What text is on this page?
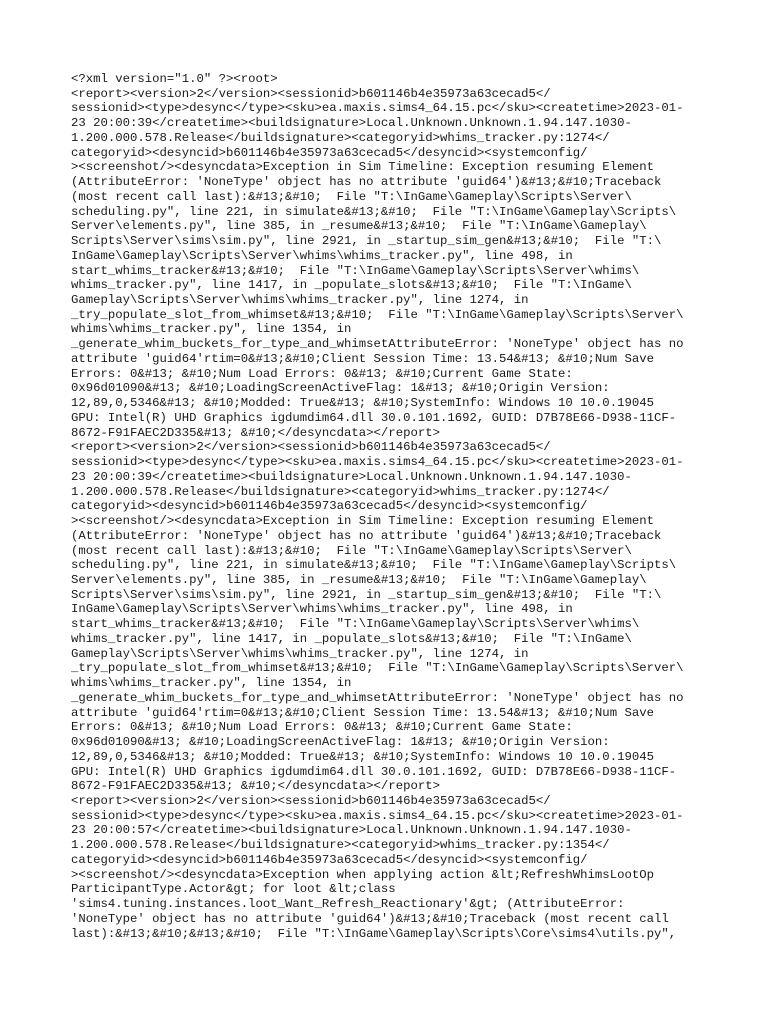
<?xml version="1.0" ?><root>
<report><version>2</version><sessionid>b601146b4e35973a63cecad5</
sessionid><type>desync</type><sku>ea.maxis.sims4_64.15.pc</sku><createtime>2023-01-
23 20:00:39</createtime><buildsignature>Local.Unknown.Unknown.1.94.147.1030-
1.200.000.578.Release</buildsignature><categoryid>whims_tracker.py:1274</
categoryid><desyncid>b601146b4e35973a63cecad5</desyncid><systemconfig/
><screenshot/><desyncdata>Exception in Sim Timeline: Exception resuming Element
(AttributeError: 'NoneType' object has no attribute 'guid64')&#13;&#10;Traceback
(most recent call last):&#13;&#10;  File "T:\InGame\Gameplay\Scripts\Server\
scheduling.py", line 221, in simulate&#13;&#10;  File "T:\InGame\Gameplay\Scripts\
Server\elements.py", line 385, in _resume&#13;&#10;  File "T:\InGame\Gameplay\
Scripts\Server\sims\sim.py", line 2921, in _startup_sim_gen&#13;&#10;  File "T:\
InGame\Gameplay\Scripts\Server\whims\whims_tracker.py", line 498, in
start_whims_tracker&#13;&#10;  File "T:\InGame\Gameplay\Scripts\Server\whims\
whims_tracker.py", line 1417, in _populate_slots&#13;&#10;  File "T:\InGame\
Gameplay\Scripts\Server\whims\whims_tracker.py", line 1274, in
_try_populate_slot_from_whimset&#13;&#10;  File "T:\InGame\Gameplay\Scripts\Server\
whims\whims_tracker.py", line 1354, in
_generate_whim_buckets_for_type_and_whimsetAttributeError: 'NoneType' object has no
attribute 'guid64'rtim=0&#13;&#10;Client Session Time: 13.54&#13; &#10;Num Save
Errors: 0&#13; &#10;Num Load Errors: 0&#13; &#10;Current Game State:
0x96d01090&#13; &#10;LoadingScreenActiveFlag: 1&#13; &#10;Origin Version:
12,89,0,5346&#13; &#10;Modded: True&#13; &#10;SystemInfo: Windows 10 10.0.19045
GPU: Intel(R) UHD Graphics igdumdim64.dll 30.0.101.1692, GUID: D7B78E66-D938-11CF-
8672-F91FAEC2D335&#13; &#10;</desyncdata></report>
<report><version>2</version><sessionid>b601146b4e35973a63cecad5</
sessionid><type>desync</type><sku>ea.maxis.sims4_64.15.pc</sku><createtime>2023-01-
23 20:00:39</createtime><buildsignature>Local.Unknown.Unknown.1.94.147.1030-
1.200.000.578.Release</buildsignature><categoryid>whims_tracker.py:1274</
categoryid><desyncid>b601146b4e35973a63cecad5</desyncid><systemconfig/
><screenshot/><desyncdata>Exception in Sim Timeline: Exception resuming Element
(AttributeError: 'NoneType' object has no attribute 'guid64')&#13;&#10;Traceback
(most recent call last):&#13;&#10;  File "T:\InGame\Gameplay\Scripts\Server\
scheduling.py", line 221, in simulate&#13;&#10;  File "T:\InGame\Gameplay\Scripts\
Server\elements.py", line 385, in _resume&#13;&#10;  File "T:\InGame\Gameplay\
Scripts\Server\sims\sim.py", line 2921, in _startup_sim_gen&#13;&#10;  File "T:\
InGame\Gameplay\Scripts\Server\whims\whims_tracker.py", line 498, in
start_whims_tracker&#13;&#10;  File "T:\InGame\Gameplay\Scripts\Server\whims\
whims_tracker.py", line 1417, in _populate_slots&#13;&#10;  File "T:\InGame\
Gameplay\Scripts\Server\whims\whims_tracker.py", line 1274, in
_try_populate_slot_from_whimset&#13;&#10;  File "T:\InGame\Gameplay\Scripts\Server\
whims\whims_tracker.py", line 1354, in
_generate_whim_buckets_for_type_and_whimsetAttributeError: 'NoneType' object has no
attribute 'guid64'rtim=0&#13;&#10;Client Session Time: 13.54&#13; &#10;Num Save
Errors: 0&#13; &#10;Num Load Errors: 0&#13; &#10;Current Game State:
0x96d01090&#13; &#10;LoadingScreenActiveFlag: 1&#13; &#10;Origin Version:
12,89,0,5346&#13; &#10;Modded: True&#13; &#10;SystemInfo: Windows 10 10.0.19045
GPU: Intel(R) UHD Graphics igdumdim64.dll 30.0.101.1692, GUID: D7B78E66-D938-11CF-
8672-F91FAEC2D335&#13; &#10;</desyncdata></report>
<report><version>2</version><sessionid>b601146b4e35973a63cecad5</
sessionid><type>desync</type><sku>ea.maxis.sims4_64.15.pc</sku><createtime>2023-01-
23 20:00:57</createtime><buildsignature>Local.Unknown.Unknown.1.94.147.1030-
1.200.000.578.Release</buildsignature><categoryid>whims_tracker.py:1354</
categoryid><desyncid>b601146b4e35973a63cecad5</desyncid><systemconfig/
><screenshot/><desyncdata>Exception when applying action &lt;RefreshWhimsLootOp
ParticipantType.Actor&gt; for loot &lt;class
'sims4.tuning.instances.loot_Want_Refresh_Reactionary'&gt; (AttributeError:
'NoneType' object has no attribute 'guid64')&#13;&#10;Traceback (most recent call
last):&#13;&#10;&#13;&#10;  File "T:\InGame\Gameplay\Scripts\Core\sims4\utils.py",
